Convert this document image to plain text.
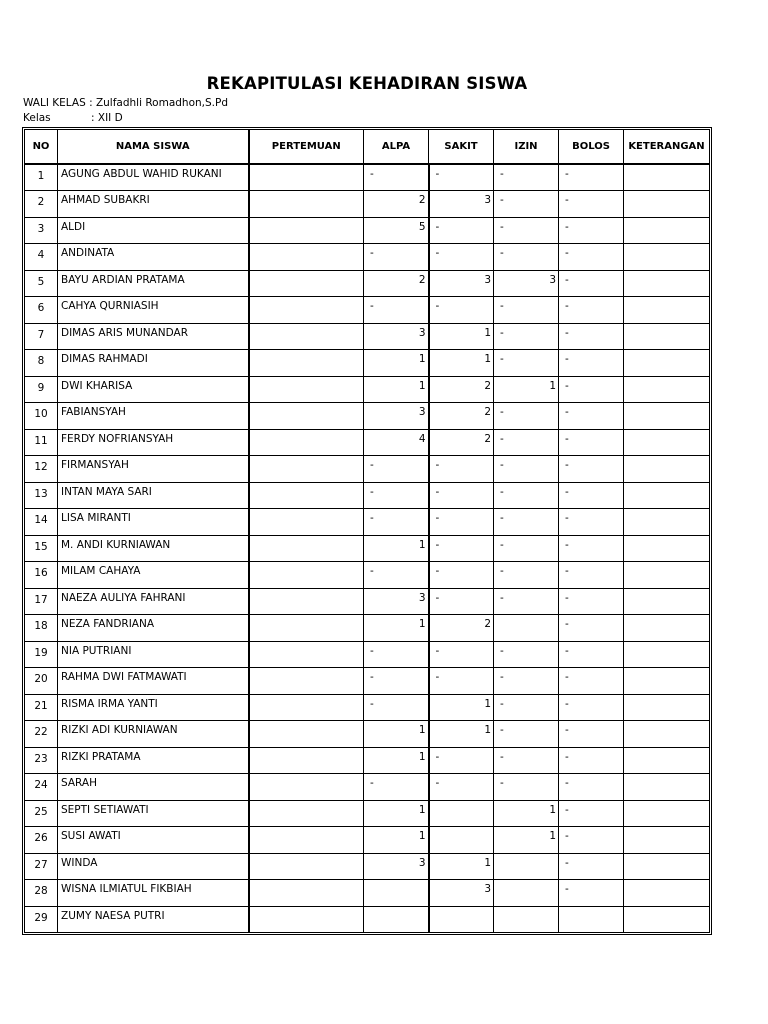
REKAPITULASI KEHADIRAN SISWA
WALI KELAS : Zulfadhli Romadhon,S.Pd
Kelas	: XII D
NO	NAMA SISWA	PERTEMUAN	ALPA	SAKIT	IZIN	BOLOS	KETERANGAN
1	AGUNG ABDUL WAHID RUKANI		-	-	-	-	
2	AHMAD SUBAKRI		2	3	-	-	
3	ALDI		5	-	-	-	
4	ANDINATA		-	-	-	-	
5	BAYU ARDIAN PRATAMA		2	3	3	-	
6	CAHYA QURNIASIH		-	-	-	-	
7	DIMAS ARIS MUNANDAR		3	1	-	-	
8	DIMAS RAHMADI		1	1	-	-	
9	DWI KHARISA		1	2	1	-	
10	FABIANSYAH		3	2	-	-	
11	FERDY NOFRIANSYAH		4	2	-	-	
12	FIRMANSYAH		-	-	-	-	
13	INTAN MAYA SARI		-	-	-	-	
14	LISA MIRANTI		-	-	-	-	
15	M. ANDI KURNIAWAN		1	-	-	-	
16	MILAM CAHAYA		-	-	-	-	
17	NAEZA AULIYA FAHRANI		3	-	-	-	
18	NEZA FANDRIANA		1	2		-	
19	NIA PUTRIANI		-	-	-	-	
20	RAHMA DWI FATMAWATI		-	-	-	-	
21	RISMA IRMA YANTI		-	1	-	-	
22	RIZKI ADI KURNIAWAN		1	1	-	-	
23	RIZKI PRATAMA		1	-	-	-	
24	SARAH		-	-	-	-	
25	SEPTI SETIAWATI		1		1	-	
26	SUSI AWATI		1		1	-	
27	WINDA		3	1		-	
28	WISNA ILMIATUL FIKBIAH			3		-	
29	ZUMY NAESA PUTRI						
